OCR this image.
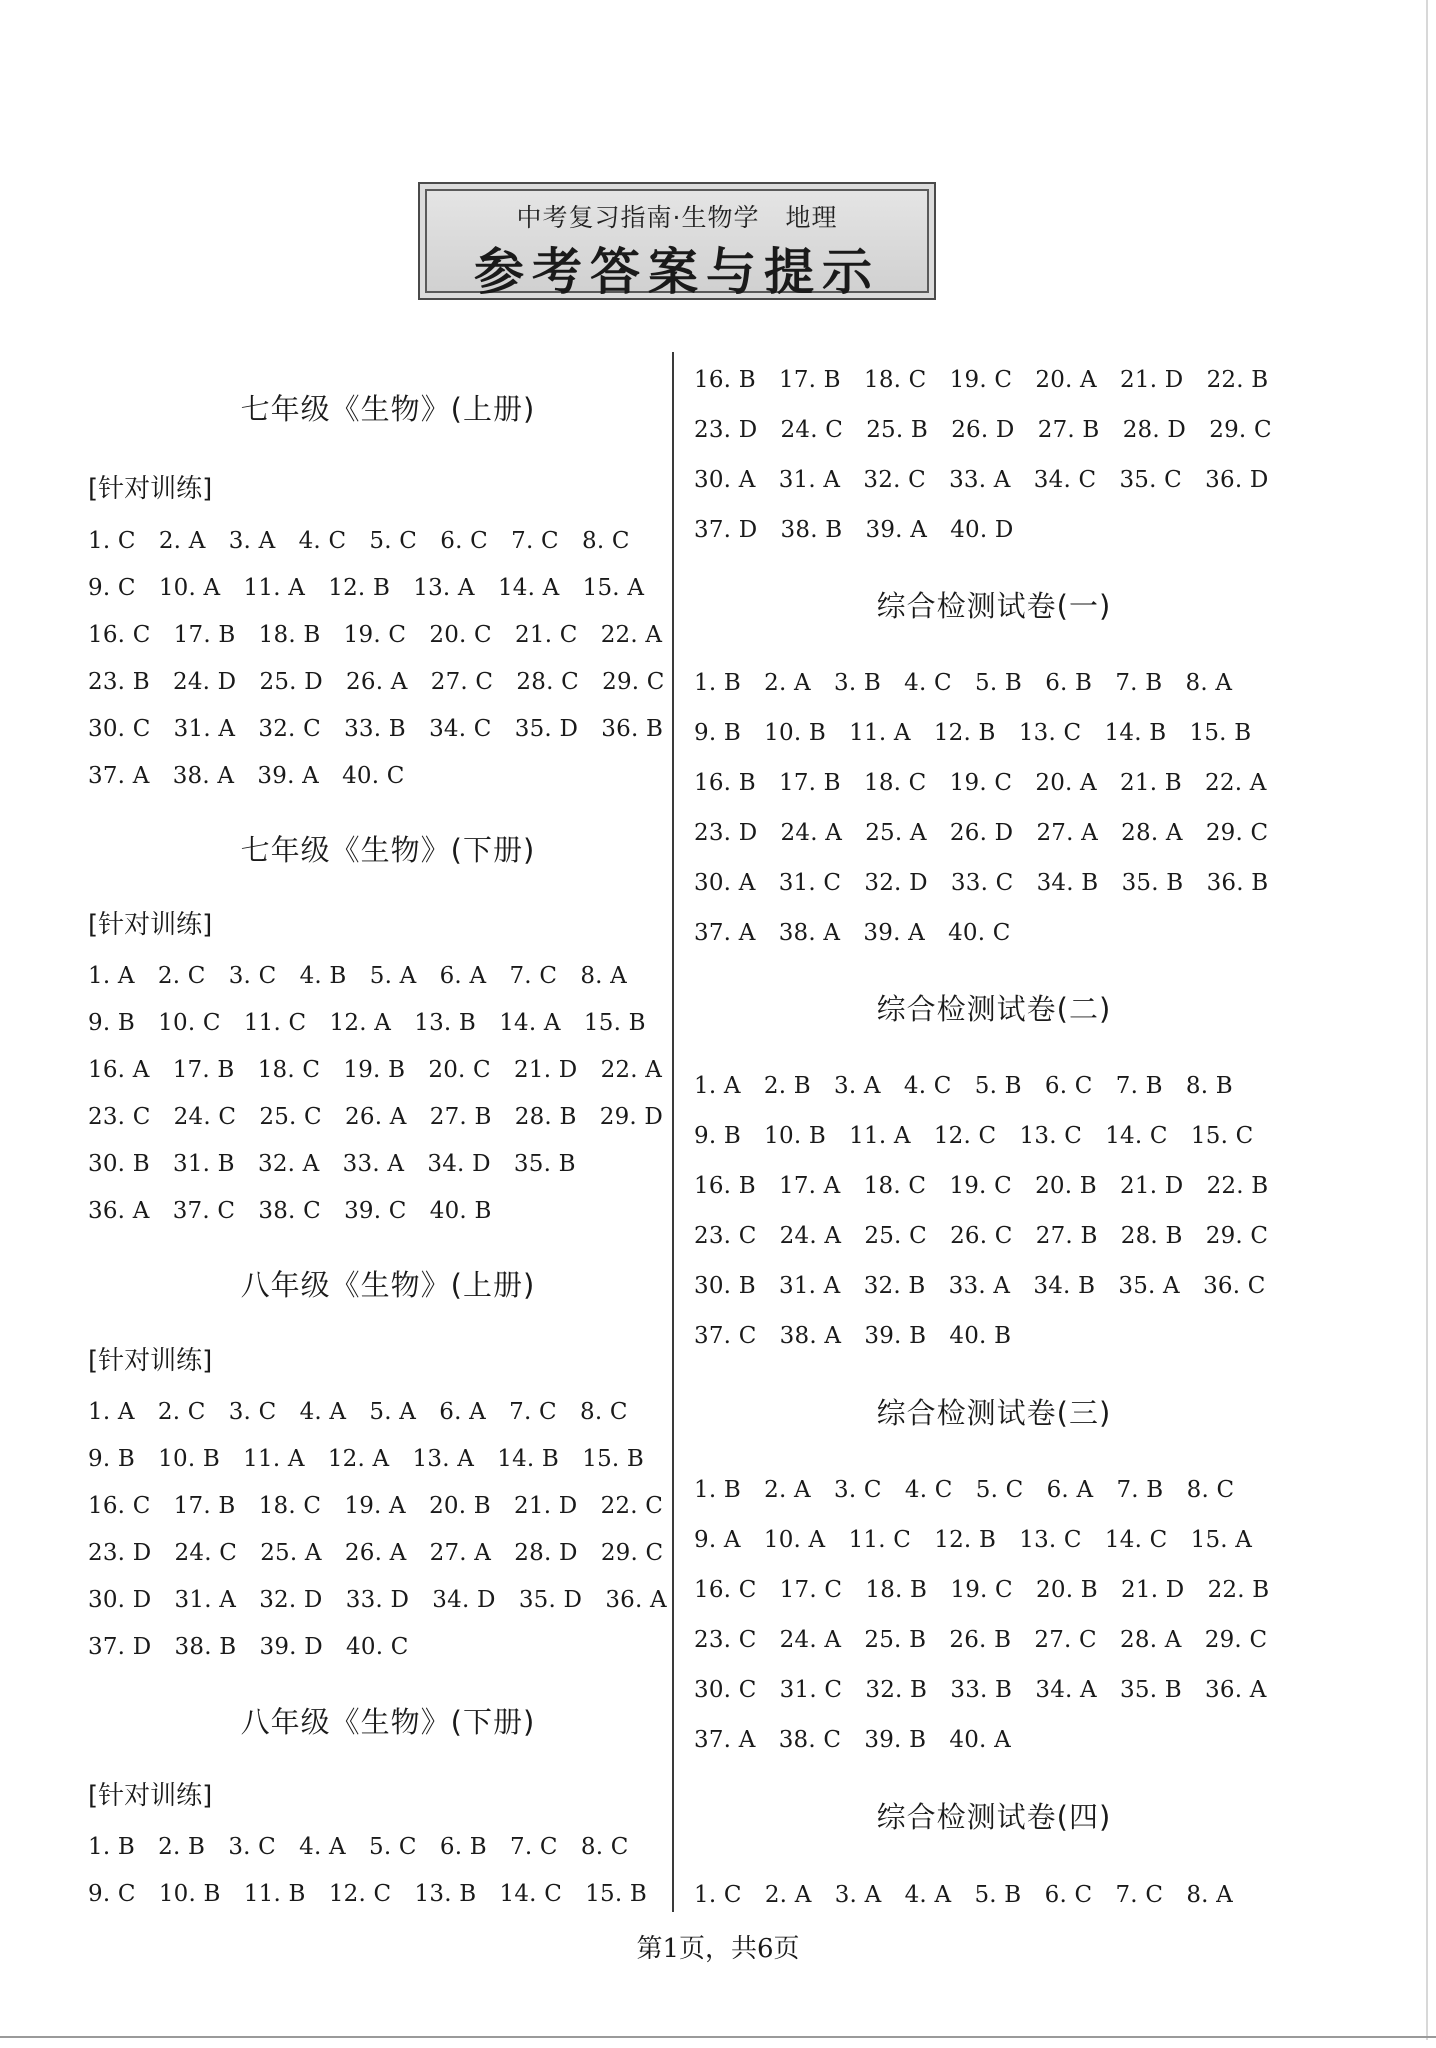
中考复习指南·生物学　地理
参考答案与提示
七年级《生物》(上册)
[针对训练]
1. C　2. A　3. A　4. C　5. C　6. C　7. C　8. C
9. C　10. A　11. A　12. B　13. A　14. A　15. A
16. C　17. B　18. B　19. C　20. C　21. C　22. A
23. B　24. D　25. D　26. A　27. C　28. C　29. C
30. C　31. A　32. C　33. B　34. C　35. D　36. B
37. A　38. A　39. A　40. C
七年级《生物》(下册)
[针对训练]
1. A　2. C　3. C　4. B　5. A　6. A　7. C　8. A
9. B　10. C　11. C　12. A　13. B　14. A　15. B
16. A　17. B　18. C　19. B　20. C　21. D　22. A
23. C　24. C　25. C　26. A　27. B　28. B　29. D
30. B　31. B　32. A　33. A　34. D　35. B
36. A　37. C　38. C　39. C　40. B
八年级《生物》(上册)
[针对训练]
1. A　2. C　3. C　4. A　5. A　6. A　7. C　8. C
9. B　10. B　11. A　12. A　13. A　14. B　15. B
16. C　17. B　18. C　19. A　20. B　21. D　22. C
23. D　24. C　25. A　26. A　27. A　28. D　29. C
30. D　31. A　32. D　33. D　34. D　35. D　36. A
37. D　38. B　39. D　40. C
八年级《生物》(下册)
[针对训练]
1. B　2. B　3. C　4. A　5. C　6. B　7. C　8. C
9. C　10. B　11. B　12. C　13. B　14. C　15. B
16. B　17. B　18. C　19. C　20. A　21. D　22. B
23. D　24. C　25. B　26. D　27. B　28. D　29. C
30. A　31. A　32. C　33. A　34. C　35. C　36. D
37. D　38. B　39. A　40. D
综合检测试卷(一)
1. B　2. A　3. B　4. C　5. B　6. B　7. B　8. A
9. B　10. B　11. A　12. B　13. C　14. B　15. B
16. B　17. B　18. C　19. C　20. A　21. B　22. A
23. D　24. A　25. A　26. D　27. A　28. A　29. C
30. A　31. C　32. D　33. C　34. B　35. B　36. B
37. A　38. A　39. A　40. C
综合检测试卷(二)
1. A　2. B　3. A　4. C　5. B　6. C　7. B　8. B
9. B　10. B　11. A　12. C　13. C　14. C　15. C
16. B　17. A　18. C　19. C　20. B　21. D　22. B
23. C　24. A　25. C　26. C　27. B　28. B　29. C
30. B　31. A　32. B　33. A　34. B　35. A　36. C
37. C　38. A　39. B　40. B
综合检测试卷(三)
1. B　2. A　3. C　4. C　5. C　6. A　7. B　8. C
9. A　10. A　11. C　12. B　13. C　14. C　15. A
16. C　17. C　18. B　19. C　20. B　21. D　22. B
23. C　24. A　25. B　26. B　27. C　28. A　29. C
30. C　31. C　32. B　33. B　34. A　35. B　36. A
37. A　38. C　39. B　40. A
综合检测试卷(四)
1. C　2. A　3. A　4. A　5. B　6. C　7. C　8. A
第1页，共6页
